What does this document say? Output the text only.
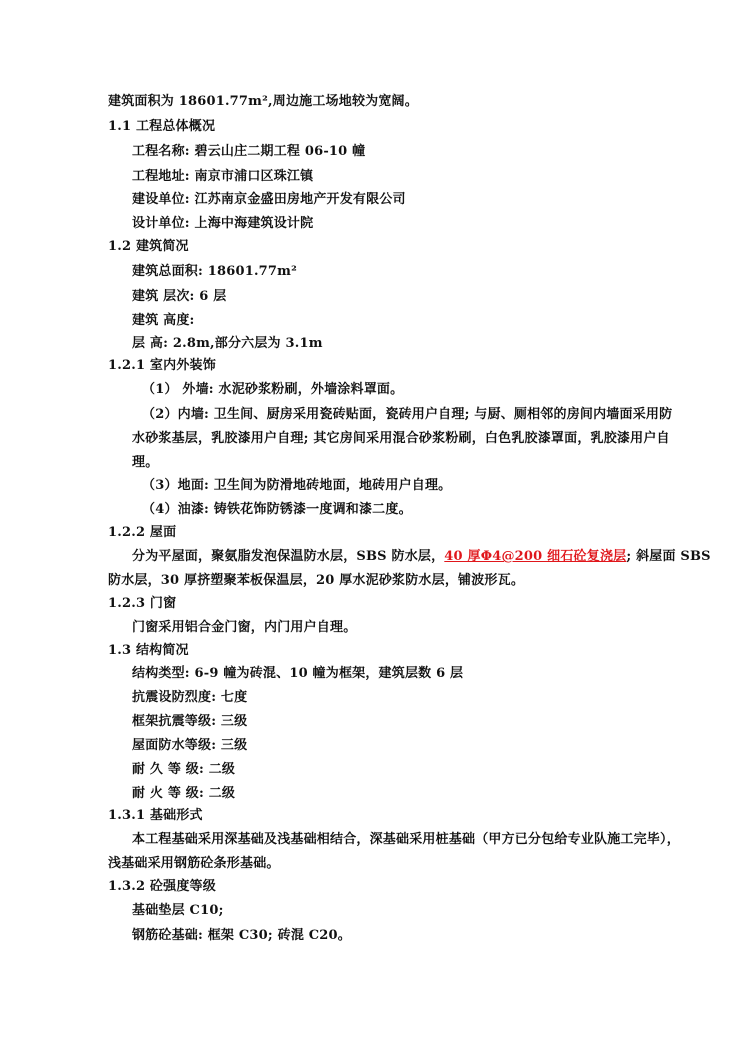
建筑面积为 18601.77m²,周边施工场地较为宽阔。
1.1 工程总体概况
工程名称: 碧云山庄二期工程 06-10 幢
工程地址: 南京市浦口区珠江镇
建设单位: 江苏南京金盛田房地产开发有限公司
设计单位: 上海中海建筑设计院
1.2 建筑简况
建筑总面积: 18601.77m²
建筑 层次: 6 层
建筑 高度:
层 高: 2.8m,部分六层为 3.1m
1.2.1 室内外装饰
（1） 外墙: 水泥砂浆粉刷，外墙涂料罩面。
（2）内墙: 卫生间、厨房采用瓷砖贴面，瓷砖用户自理; 与厨、厕相邻的房间内墙面采用防
水砂浆基层，乳胶漆用户自理; 其它房间采用混合砂浆粉刷，白色乳胶漆罩面，乳胶漆用户自
理。
（3）地面: 卫生间为防滑地砖地面，地砖用户自理。
（4）油漆: 铸铁花饰防锈漆一度调和漆二度。
1.2.2 屋面
分为平屋面，聚氨脂发泡保温防水层，SBS 防水层，40 厚Φ4@200 细石砼复浇层; 斜屋面 SBS
防水层，30 厚挤塑聚苯板保温层，20 厚水泥砂浆防水层，铺波形瓦。
1.2.3 门窗
门窗采用铝合金门窗，内门用户自理。
1.3 结构简况
结构类型: 6-9 幢为砖混、10 幢为框架，建筑层数 6 层
抗震设防烈度: 七度
框架抗震等级: 三级
屋面防水等级: 三级
耐 久 等 级: 二级
耐 火 等 级: 二级
1.3.1 基础形式
本工程基础采用深基础及浅基础相结合，深基础采用桩基础（甲方已分包给专业队施工完毕），
浅基础采用钢筋砼条形基础。
1.3.2 砼强度等级
基础垫层 C10;
钢筋砼基础: 框架 C30; 砖混 C20。
